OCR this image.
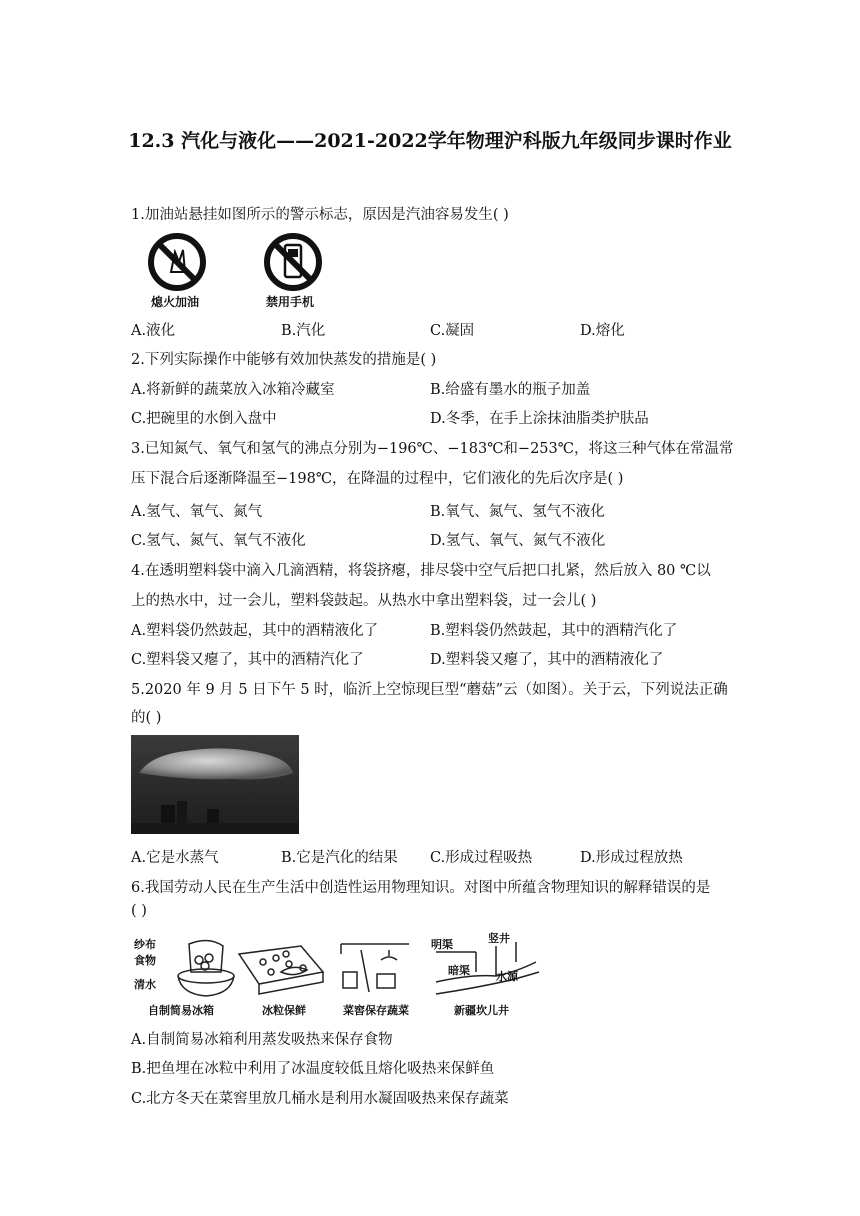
12.3 汽化与液化——2021-2022学年物理沪科版九年级同步课时作业
1.加油站悬挂如图所示的警示标志，原因是汽油容易发生( )
熄火加油	禁用手机
A.液化	B.汽化	C.凝固	D.熔化
2.下列实际操作中能够有效加快蒸发的措施是( )
A.将新鲜的蔬菜放入冰箱冷藏室	B.给盛有墨水的瓶子加盖
C.把碗里的水倒入盘中	D.冬季，在手上涂抹油脂类护肤品
3.已知氮气、氧气和氢气的沸点分别为−196℃、−183℃和−253℃，将这三种气体在常温常
压下混合后逐渐降温至−198℃，在降温的过程中，它们液化的先后次序是( )
A.氢气、氧气、氮气	B.氧气、氮气、氢气不液化
C.氢气、氮气、氧气不液化	D.氢气、氧气、氮气不液化
4.在透明塑料袋中滴入几滴酒精，将袋挤瘪，排尽袋中空气后把口扎紧，然后放入 80 ℃以
上的热水中，过一会儿，塑料袋鼓起。从热水中拿出塑料袋，过一会儿( )
A.塑料袋仍然鼓起，其中的酒精液化了	B.塑料袋仍然鼓起，其中的酒精汽化了
C.塑料袋又瘪了，其中的酒精汽化了	D.塑料袋又瘪了，其中的酒精液化了
5.2020 年 9 月 5 日下午 5 时，临沂上空惊现巨型“蘑菇”云（如图）。关于云，下列说法正确
的( )
A.它是水蒸气	B.它是汽化的结果 C.形成过程吸热	D.形成过程放热
6.我国劳动人民在生产生活中创造性运用物理知识。对图中所蕴含物理知识的解释错误的是
( )
纱布
食物
清水
自制简易冰箱	冰粒保鲜	菜窖保存蔬菜
明渠	竖井
暗渠 水源
新疆坎儿井
A.自制简易冰箱利用蒸发吸热来保存食物
B.把鱼埋在冰粒中利用了冰温度较低且熔化吸热来保鲜鱼
C.北方冬天在菜窖里放几桶水是利用水凝固吸热来保存蔬菜
